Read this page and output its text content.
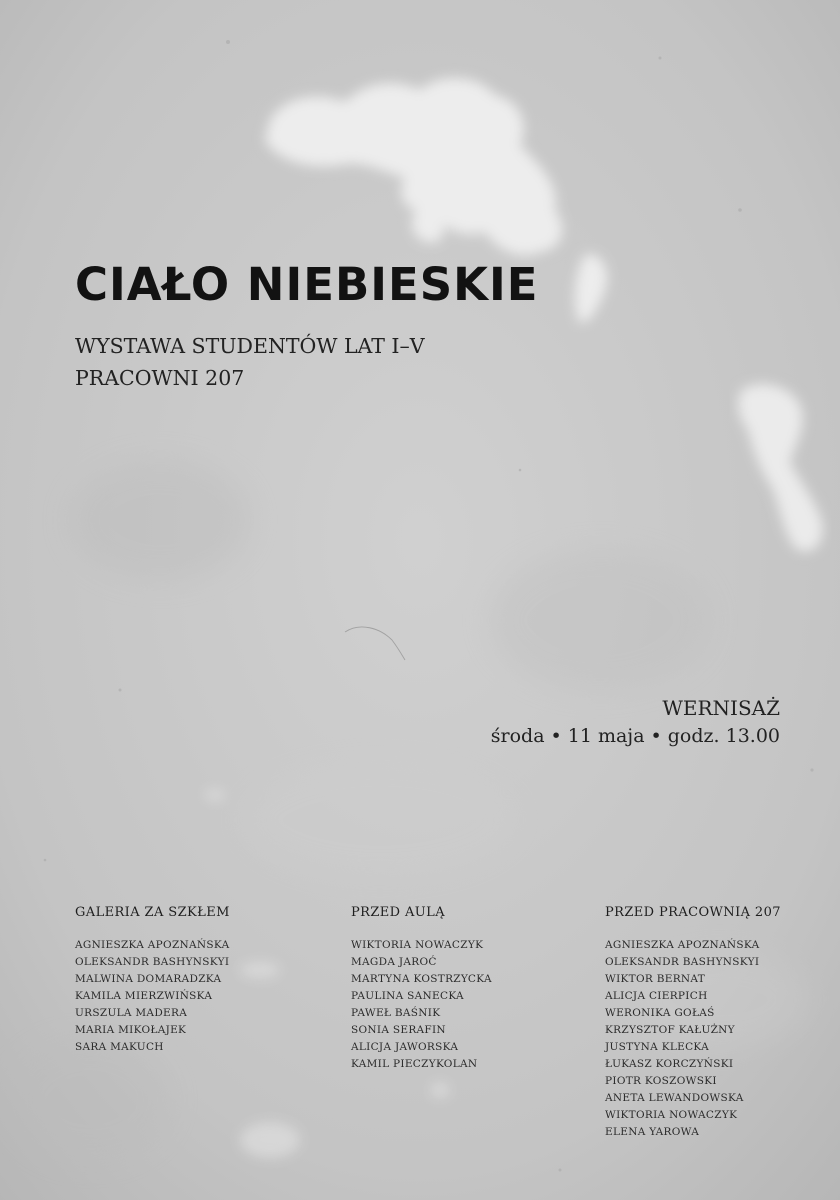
CIAŁO NIEBIESKIE
WYSTAWA STUDENTÓW LAT I–V
PRACOWNI 207
WERNISAŻ
środa • 11 maja • godz. 13.00
GALERIA ZA SZKŁEM
AGNIESZKA APOZNAŃSKA
OLEKSANDR BASHYNSKYI
MALWINA DOMARADZKA
KAMILA MIERZWIŃSKA
URSZULA MADERA
MARIA MIKOŁAJEK
SARA MAKUCH
PRZED AULĄ
WIKTORIA NOWACZYK
MAGDA JAROĆ
MARTYNA KOSTRZYCKA
PAULINA SANECKA
PAWEŁ BAŚNIK
SONIA SERAFIN
ALICJA JAWORSKA
KAMIL PIECZYKOLAN
PRZED PRACOWNIĄ 207
AGNIESZKA APOZNAŃSKA
OLEKSANDR BASHYNSKYI
WIKTOR BERNAT
ALICJA CIERPICH
WERONIKA GOŁAŚ
KRZYSZTOF KAŁUŻNY
JUSTYNA KLECKA
ŁUKASZ KORCZYŃSKI
PIOTR KOSZOWSKI
ANETA LEWANDOWSKA
WIKTORIA NOWACZYK
ELENA YAROWA
